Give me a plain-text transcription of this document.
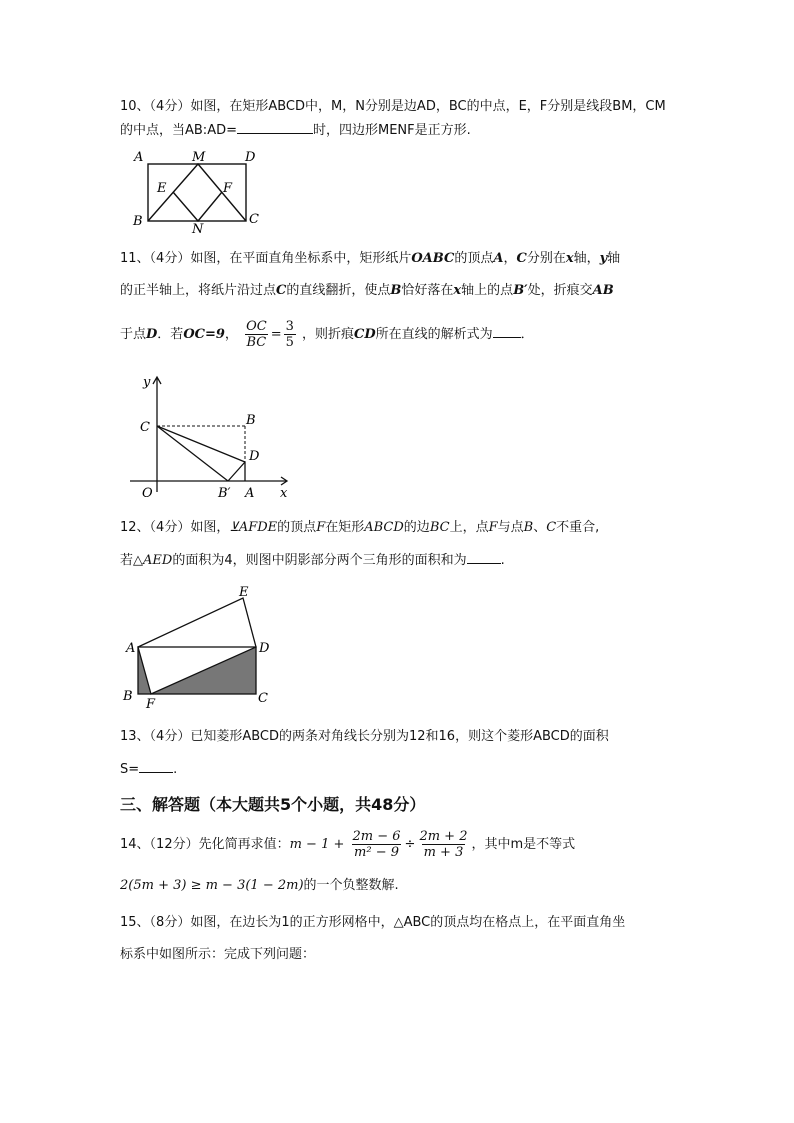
10、（4分）如图，在矩形ABCD中，M，N分别是边AD，BC的中点，E，F分别是线段BM，CM
的中点，当AB:AD=	时，四边形MENF是正方形.
A	M	D
E	F
B
N
C
11、（4分）如图，在平面直角坐标系中，矩形纸片OABC的顶点A，C分别在x轴，y轴
的正半轴上，将纸片沿过点C的直线翻折，使点B恰好落在x轴上的点B′处，折痕交AB
于点D．若OC=9， $\frac{OC}{BC} = \frac{3}{5}$ ，则折痕CD所在直线的解析式为 ．
y
C	B
D
O	B′ A x
12、（4分）如图，⊻AFDE的顶点F在矩形ABCD的边BC上，点F与点B、C不重合,
若△AED的面积为4，则图中阴影部分两个三角形的面积和为	.
E
A	D
B
F	C
13、（4分）已知菱形ABCD的两条对角线长分别为12和16，则这个菱形ABCD的面积
S=	.
三、解答题（本大题共5个小题，共48分）
14、（12分）先化简再求值：$m - 1 + \frac{2m - 6}{\text{m² − 9}} \div \frac{2m + 2}{m + 3}$ ，其中m是不等式
2(5m + 3) ≥ m − 3(1 − 2m)的一个负整数解.
15、（8分）如图，在边长为1的正方形网格中，△ABC的顶点均在格点上，在平面直角坐
标系中如图所示：完成下列问题：
